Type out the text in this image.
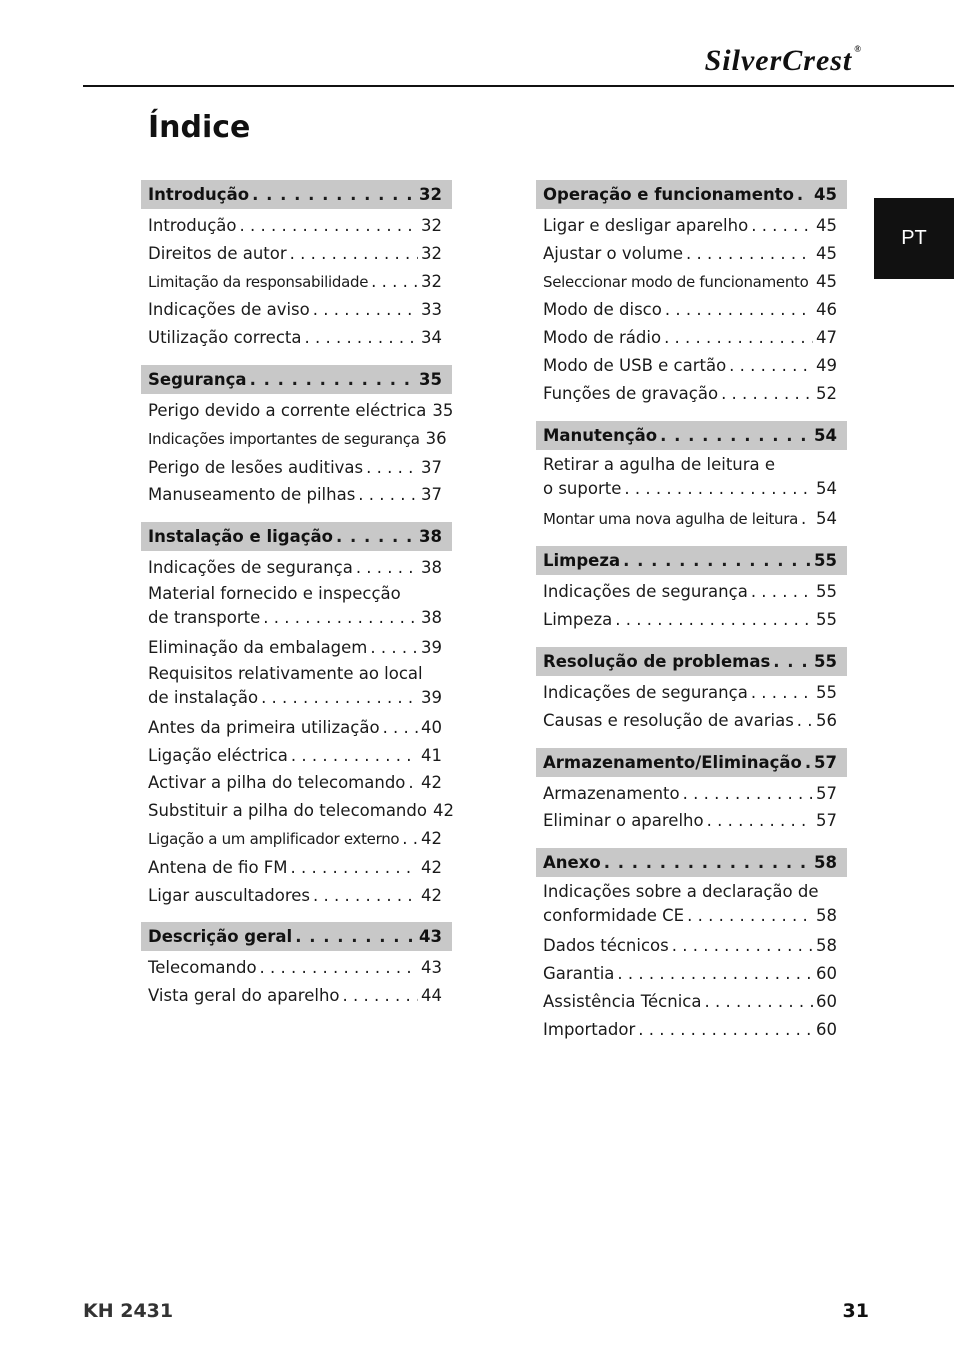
SilverCrest ®
Índice
PT
Introdução . . .	32
Introdução . . .	32
Direitos de autor . . .	32
Limitação da responsabilidade . . .	32
Indicações de aviso . . .	33
Utilização correcta . . .	34
Segurança . . .	35
Perigo devido a corrente eléctrica 35
Indicações importantes de segurança 36
Perigo de lesões auditivas . . .	37
Manuseamento de pilhas . . .	37
Instalação e ligação . . .	38
Indicações de segurança . . .	38
Material fornecido e inspecção
de transporte . . .	38
Eliminação da embalagem . . .	39
Requisitos relativamente ao local
de instalação . . .	39
Antes da primeira utilização . . .	40
Ligação eléctrica . . .	41
Activar a pilha do telecomando . . . 42
Substituir a pilha do telecomando 42
Ligação a um amplificador externo . . . 42
Antena de fio FM . . .	42
Ligar auscultadores . . .	42
Descrição geral . . .	43
Telecomando . . .	43
Vista geral do aparelho . . .	44
Operação e funcionamento . . . 45
Ligar e desligar aparelho . . .	45
Ajustar o volume . . .	45
Seleccionar modo de funcionamento . . . 45
Modo de disco . . .	46
Modo de rádio . . .	47
Modo de USB e cartão . . .	49
Funções de gravação . . .	52
Manutenção . . .	54
Retirar a agulha de leitura e
o suporte . . .	54
Montar uma nova agulha de leitura . . . 54
Limpeza . . .	55
Indicações de segurança . . .	55
Limpeza . . .	55
Resolução de problemas . . .	55
Indicações de segurança . . .	55
Causas e resolução de avarias . . . 56
Armazenamento/Eliminação . . . 57
Armazenamento . . .	57
Eliminar o aparelho . . .	57
Anexo . . .	58
Indicações sobre a declaração de
conformidade CE . . .	58
Dados técnicos . . .	58
Garantia . . .	60
Assistência Técnica . . .	60
Importador . . .	60
KH 2431	31
